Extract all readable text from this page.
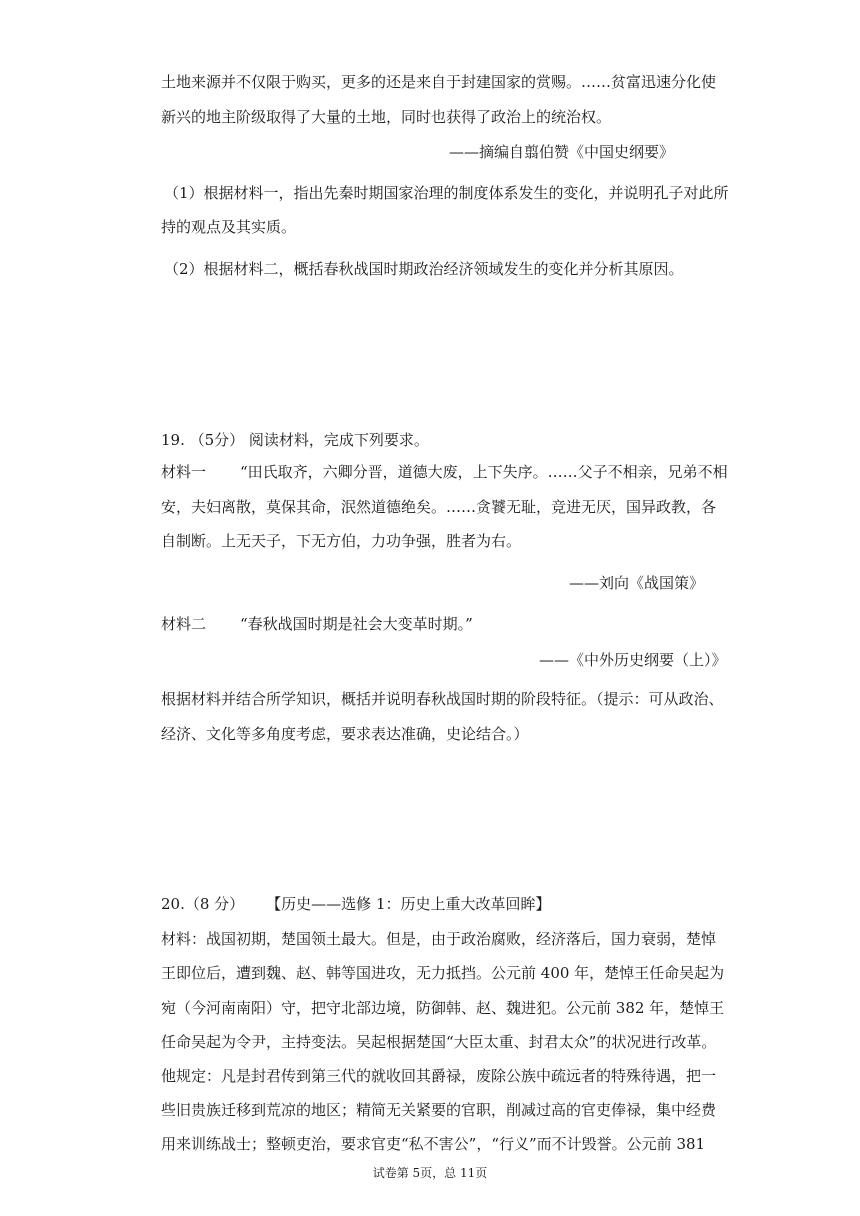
土地来源并不仅限于购买，更多的还是来自于封建国家的赏赐。……贫富迅速分化使
新兴的地主阶级取得了大量的土地，同时也获得了政治上的统治权。
——摘编自翦伯赞《中国史纲要》
（1）根据材料一，指出先秦时期国家治理的制度体系发生的变化，并说明孔子对此所
持的观点及其实质。
（2）根据材料二，概括春秋战国时期政治经济领域发生的变化并分析其原因。
19. （5分） 阅读材料，完成下列要求。
材料一 “田氏取齐，六卿分晋，道德大废，上下失序。……父子不相亲，兄弟不相
安，夫妇离散，莫保其命，泯然道德绝矣。……贪饕无耻，竞进无厌，国异政教，各
自制断。上无天子，下无方伯，力功争强，胜者为右。
——刘向《战国策》
材料二 “春秋战国时期是社会大变革时期。”
——《中外历史纲要（上）》
根据材料并结合所学知识，概括并说明春秋战国时期的阶段特征。（提示：可从政治、
经济、文化等多角度考虑，要求表达准确，史论结合。）
20.（8 分） 【历史——选修 1：历史上重大改革回眸】
材料：战国初期，楚国领土最大。但是，由于政治腐败，经济落后，国力衰弱，楚悼
王即位后，遭到魏、赵、韩等国进攻，无力抵挡。公元前 400 年，楚悼王任命吴起为
宛（今河南南阳）守，把守北部边境，防御韩、赵、魏进犯。公元前 382 年，楚悼王
任命吴起为令尹，主持变法。吴起根据楚国“大臣太重、封君太众”的状况进行改革。
他规定：凡是封君传到第三代的就收回其爵禄，废除公族中疏远者的特殊待遇，把一
些旧贵族迁移到荒凉的地区；精简无关紧要的官职，削减过高的官吏俸禄，集中经费
用来训练战士；整顿吏治，要求官吏“私不害公”，“行义”而不计毁誉。公元前 381
试卷第 5页，总 11页
